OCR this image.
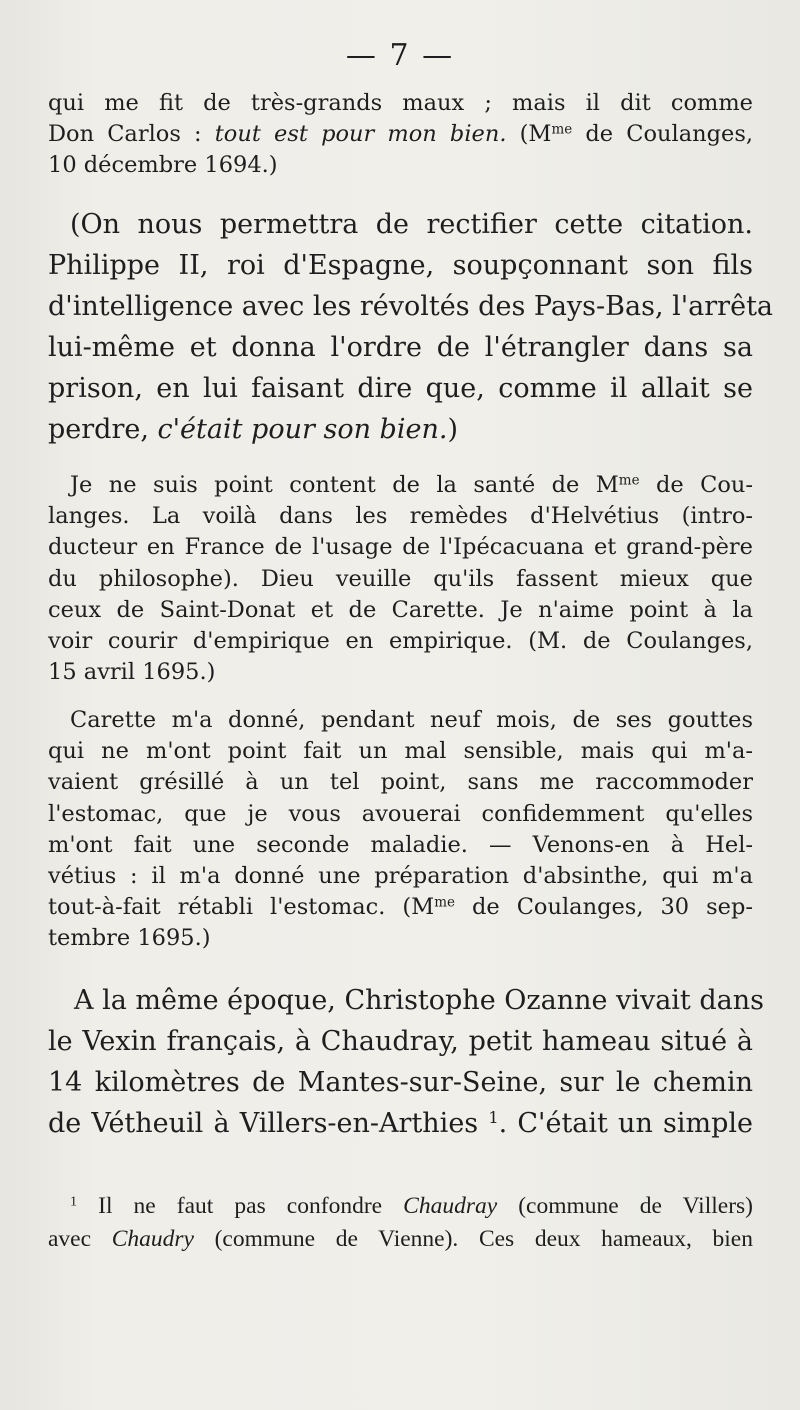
— 7 —
qui me fit de très-grands maux ; mais il dit comme
Don Carlos : tout est pour mon bien. ($M^{me}$ de Coulanges,
10 décembre 1694.)
(On nous permettra de rectifier cette citation.
Philippe II, roi d'Espagne, soupçonnant son fils
d'intelligence avec les révoltés des Pays-Bas, l'arrêta
lui-même et donna l'ordre de l'étrangler dans sa
prison, en lui faisant dire que, comme il allait se
perdre, c'était pour son bien.)
Je ne suis point content de la santé de $M^{me}$ de Cou-
langes. La voilà dans les remèdes d'Helvétius (intro-
ducteur en France de l'usage de l'Ipécacuana et grand-père
du philosophe). Dieu veuille qu'ils fassent mieux que
ceux de Saint-Donat et de Carette. Je n'aime point à la
voir courir d'empirique en empirique. (M. de Coulanges,
15 avril 1695.)
Carette m'a donné, pendant neuf mois, de ses gouttes
qui ne m'ont point fait un mal sensible, mais qui m'a-
vaient grésillé à un tel point, sans me raccommoder
l'estomac, que je vous avouerai confidemment qu'elles
m'ont fait une seconde maladie. — Venons-en à Hel-
vétius : il m'a donné une préparation d'absinthe, qui m'a
tout-à-fait rétabli l'estomac. ($M^{me}$ de Coulanges, 30 sep-
tembre 1695.)
A la même époque, Christophe Ozanne vivait dans
le Vexin français, à Chaudray, petit hameau situé à
14 kilomètres de Mantes-sur-Seine, sur le chemin
de Vétheuil à Villers-en-Arthies $^1$. C'était un simple
$^1$ Il ne faut pas confondre Chaudray (commune de Villers)
avec Chaudry (commune de Vienne). Ces deux hameaux, bien
